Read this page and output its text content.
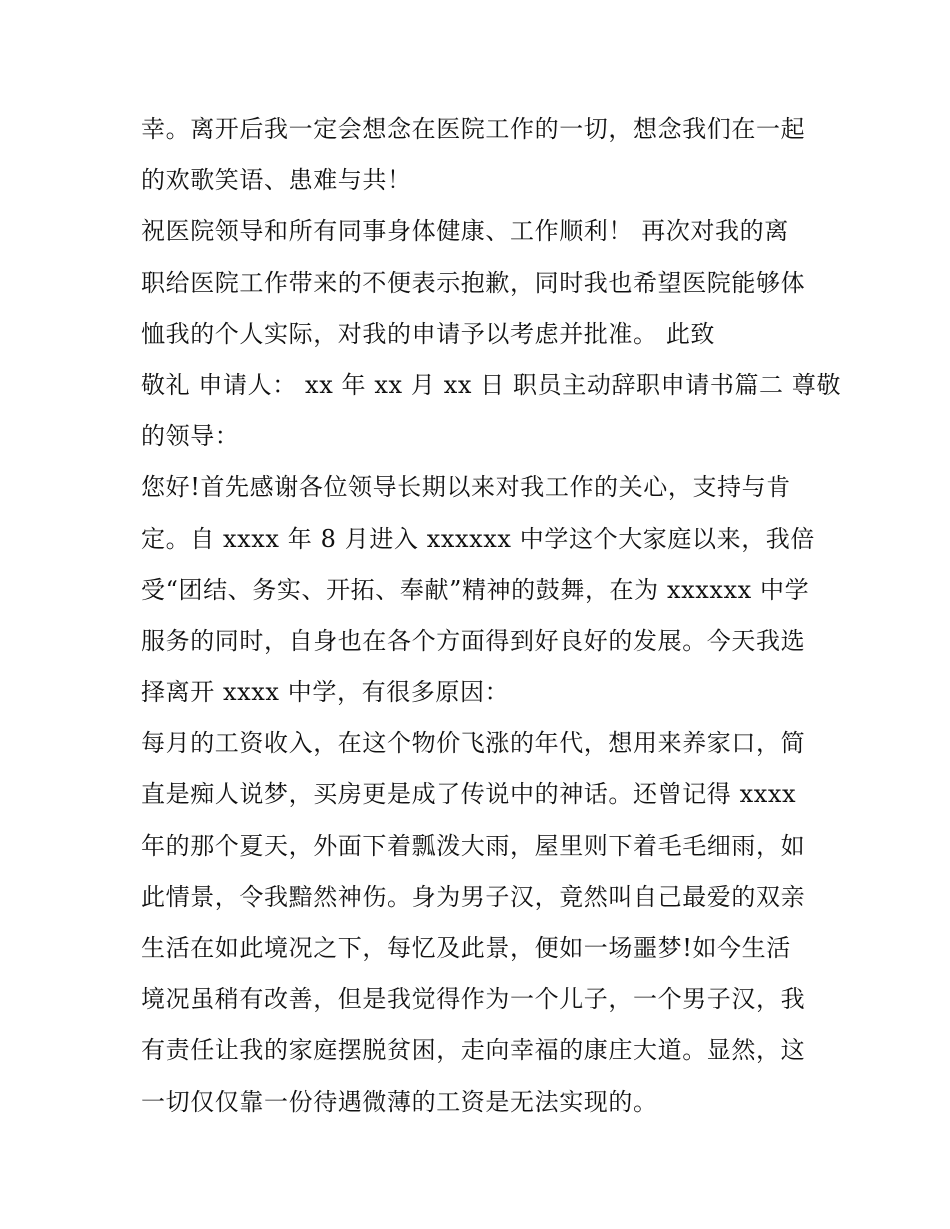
幸。离开后我一定会想念在医院工作的一切，想念我们在一起
的欢歌笑语、患难与共！
祝医院领导和所有同事身体健康、工作顺利！ 再次对我的离
职给医院工作带来的不便表示抱歉，同时我也希望医院能够体
恤我的个人实际，对我的申请予以考虑并批准。 此致
敬礼 申请人： xx 年 xx 月 xx 日 职员主动辞职申请书篇二 尊敬
的领导：
您好!首先感谢各位领导长期以来对我工作的关心，支持与肯
定。自 xxxx 年 8 月进入 xxxxxx 中学这个大家庭以来，我倍
受“团结、务实、开拓、奉献”精神的鼓舞，在为 xxxxxx 中学
服务的同时，自身也在各个方面得到好良好的发展。今天我选
择离开 xxxx 中学，有很多原因：
每月的工资收入，在这个物价飞涨的年代，想用来养家口，简
直是痴人说梦，买房更是成了传说中的神话。还曾记得 xxxx
年的那个夏天，外面下着瓢泼大雨，屋里则下着毛毛细雨，如
此情景，令我黯然神伤。身为男子汉，竟然叫自己最爱的双亲
生活在如此境况之下，每忆及此景，便如一场噩梦!如今生活
境况虽稍有改善，但是我觉得作为一个儿子，一个男子汉，我
有责任让我的家庭摆脱贫困，走向幸福的康庄大道。显然，这
一切仅仅靠一份待遇微薄的工资是无法实现的。
